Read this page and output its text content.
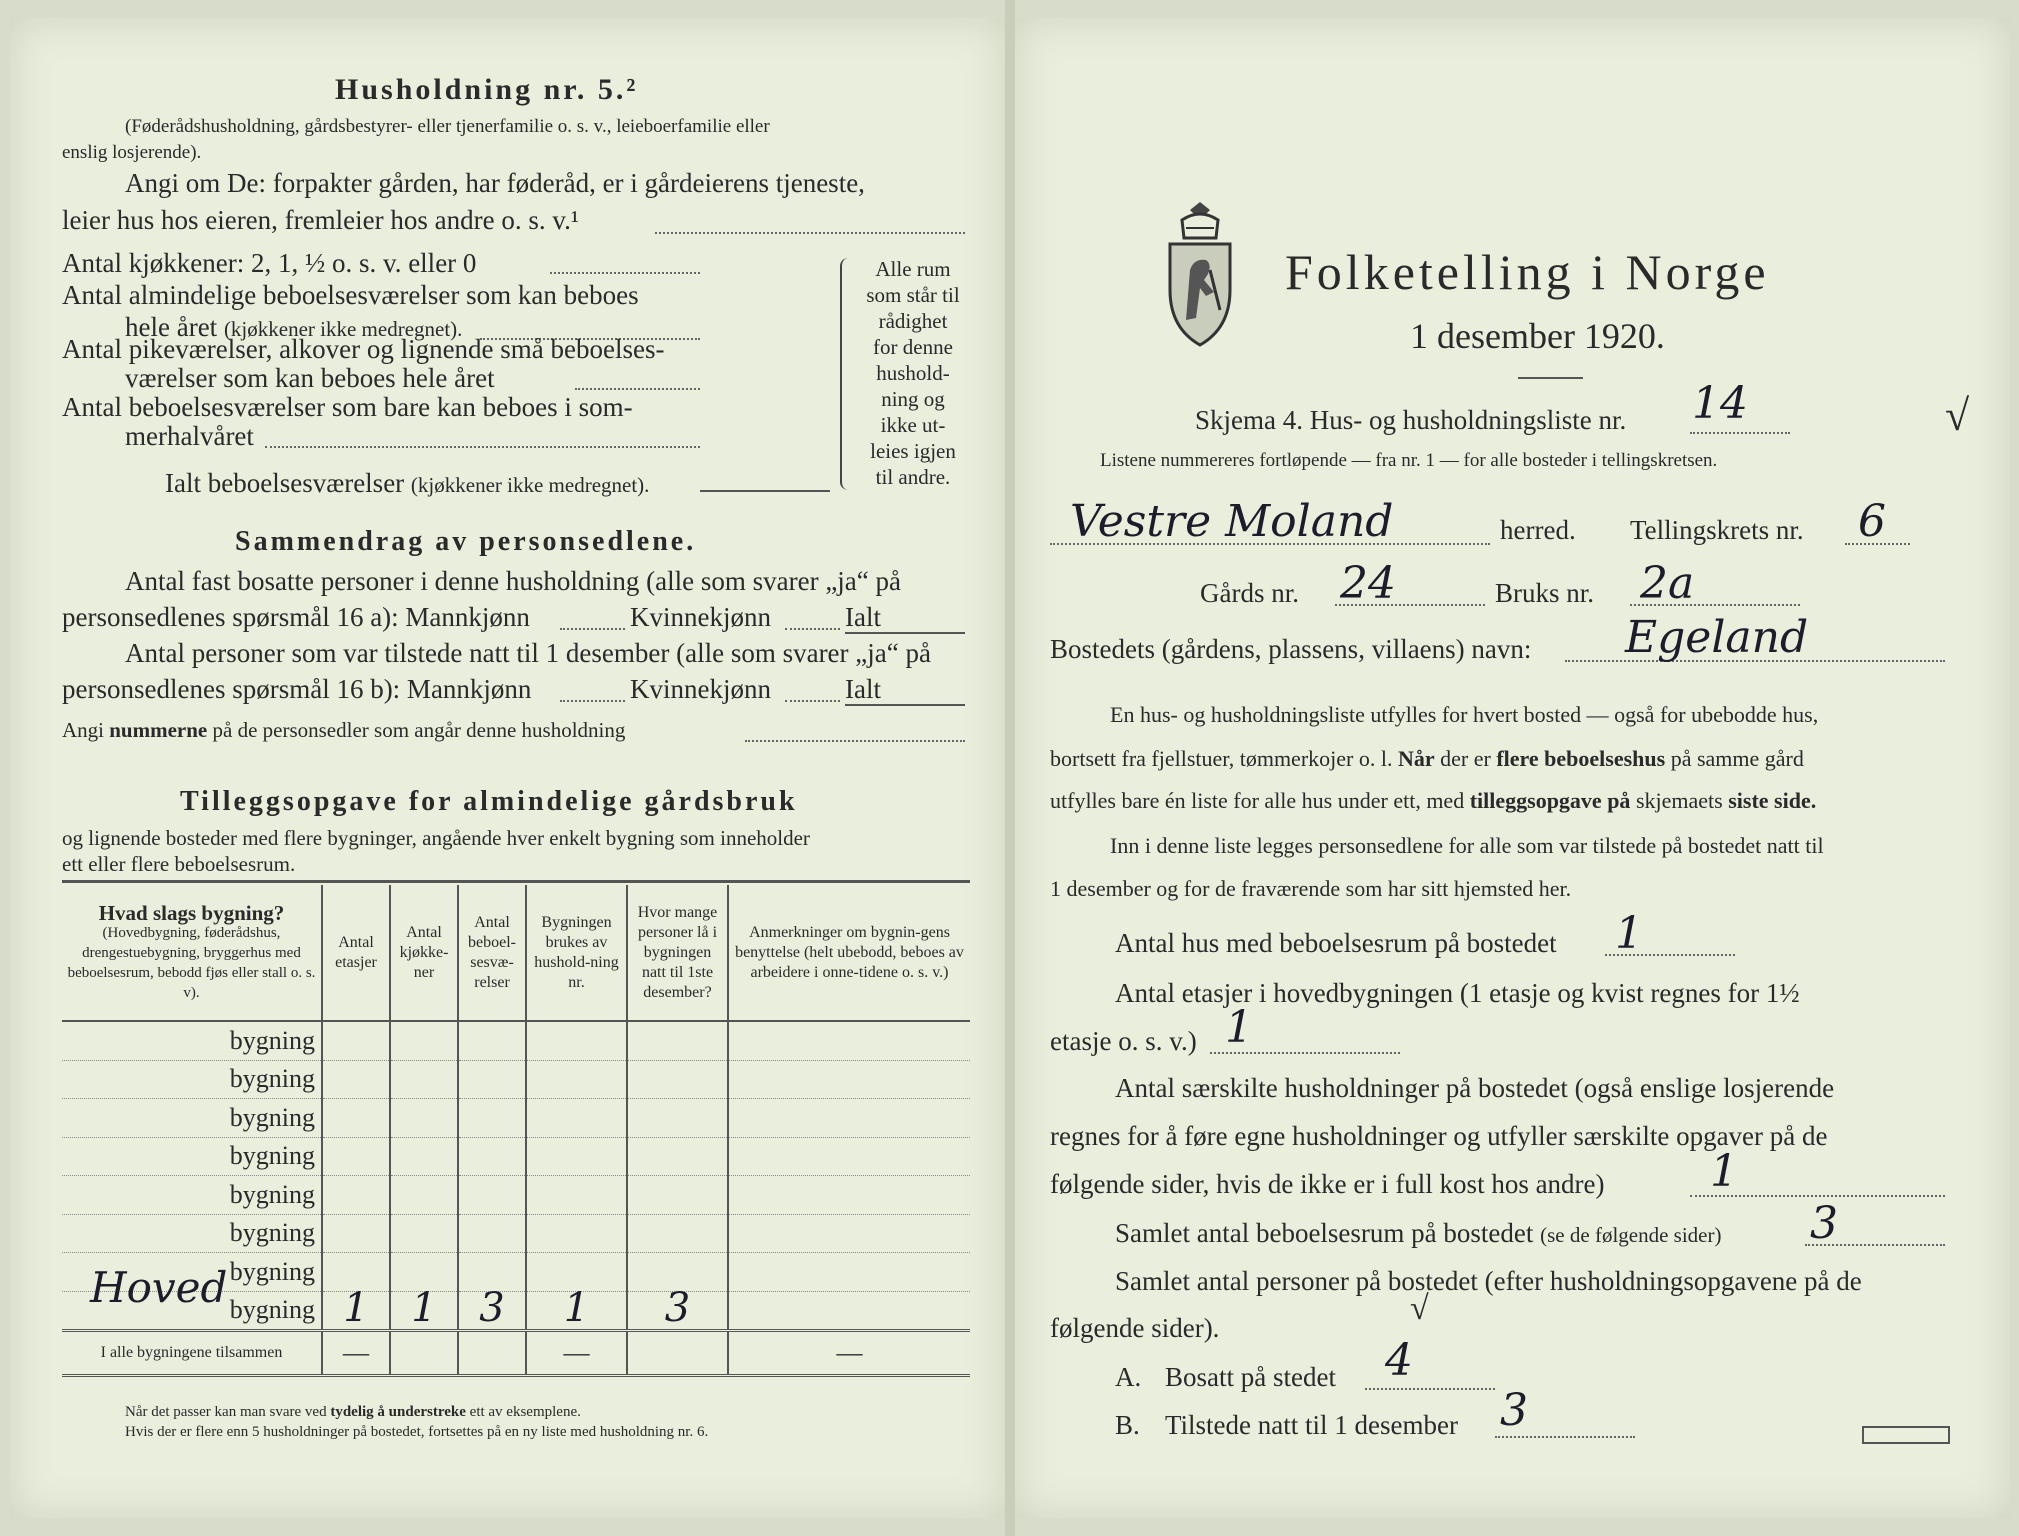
Husholdning nr. 5.²
(Føderådshusholdning, gårdsbestyrer- eller tjenerfamilie o. s. v., leieboerfamilie eller
enslig losjerende).
Angi om De: forpakter gården, har føderåd, er i gårdeierens tjeneste,
leier hus hos eieren, fremleier hos andre o. s. v.¹
Antal kjøkkener: 2, 1, ½ o. s. v. eller 0
Antal almindelige beboelsesværelser som kan beboes
hele året (kjøkkener ikke medregnet).
Antal pikeværelser, alkover og lignende små beboelses-
værelser som kan beboes hele året
Antal beboelsesværelser som bare kan beboes i som-
merhalvåret
Ialt beboelsesværelser (kjøkkener ikke medregnet).
Alle rum
som står til
rådighet
for denne
hushold-
ning og
ikke ut-
leies igjen
til andre.
Sammendrag av personsedlene.
Antal fast bosatte personer i denne husholdning (alle som svarer „ja“ på
personsedlenes spørsmål 16 a): Mannkjønn	Kvinnekjønn	Ialt
Antal personer som var tilstede natt til 1 desember (alle som svarer „ja“ på
personsedlenes spørsmål 16 b): Mannkjønn	Kvinnekjønn	Ialt
Angi nummerne på de personsedler som angår denne husholdning
Tilleggsopgave for almindelige gårdsbruk
og lignende bosteder med flere bygninger, angående hver enkelt bygning som inneholder
ett eller flere beboelsesrum.
Hvad slags bygning?
(Hovedbygning, føderådshus, drengestuebygning, bryggerhus med beboelsesrum, bebodd fjøs eller stall o. s. v).	Antal etasjer	Antal kjøkke-ner	Antal beboel-sesvæ-relser	Bygningen brukes av hushold-ning nr.	Hvor mange personer lå i bygningen natt til 1ste desember?	Anmerkninger om bygnin-gens benyttelse (helt ubebodd, beboes av arbeidere i onne-tidene o. s. v.)
bygning						
bygning						
bygning						
bygning						
bygning						
bygning						
bygning						

Hoved bygning	1	1	3	1	3	
I alle bygningene tilsammen	—			—		—
Når det passer kan man svare ved tydelig å understreke ett av eksemplene.
Hvis der er flere enn 5 husholdninger på bostedet, fortsettes på en ny liste med husholdning nr. 6.
Folketelling i Norge
1 desember 1920.
Skjema 4. Hus- og husholdningsliste nr. 14	√
Listene nummereres fortløpende — fra nr. 1 — for alle bosteder i tellingskretsen.
Vestre Moland	herred. Tellingskrets nr. 6
Gårds nr. 24	Bruks nr. 2a
Bostedets (gårdens, plassens, villaens) navn: Egeland
En hus- og husholdningsliste utfylles for hvert bosted — også for ubebodde hus,
bortsett fra fjellstuer, tømmerkojer o. l. Når der er flere beboelseshus på samme gård
utfylles bare én liste for alle hus under ett, med tilleggsopgave på skjemaets siste side.
Inn i denne liste legges personsedlene for alle som var tilstede på bostedet natt til
1 desember og for de fraværende som har sitt hjemsted her.
Antal hus med beboelsesrum på bostedet 1
Antal etasjer i hovedbygningen (1 etasje og kvist regnes for 1½
etasje o. s. v.) 1
Antal særskilte husholdninger på bostedet (også enslige losjerende
regnes for å føre egne husholdninger og utfyller særskilte opgaver på de
følgende sider, hvis de ikke er i full kost hos andre) 1
Samlet antal beboelsesrum på bostedet (se de følgende sider) 3
Samlet antal personer på bostedet (efter husholdningsopgavene på de
følgende sider).
√
A. Bosatt på stedet 4
B. Tilstede natt til 1 desember 3
